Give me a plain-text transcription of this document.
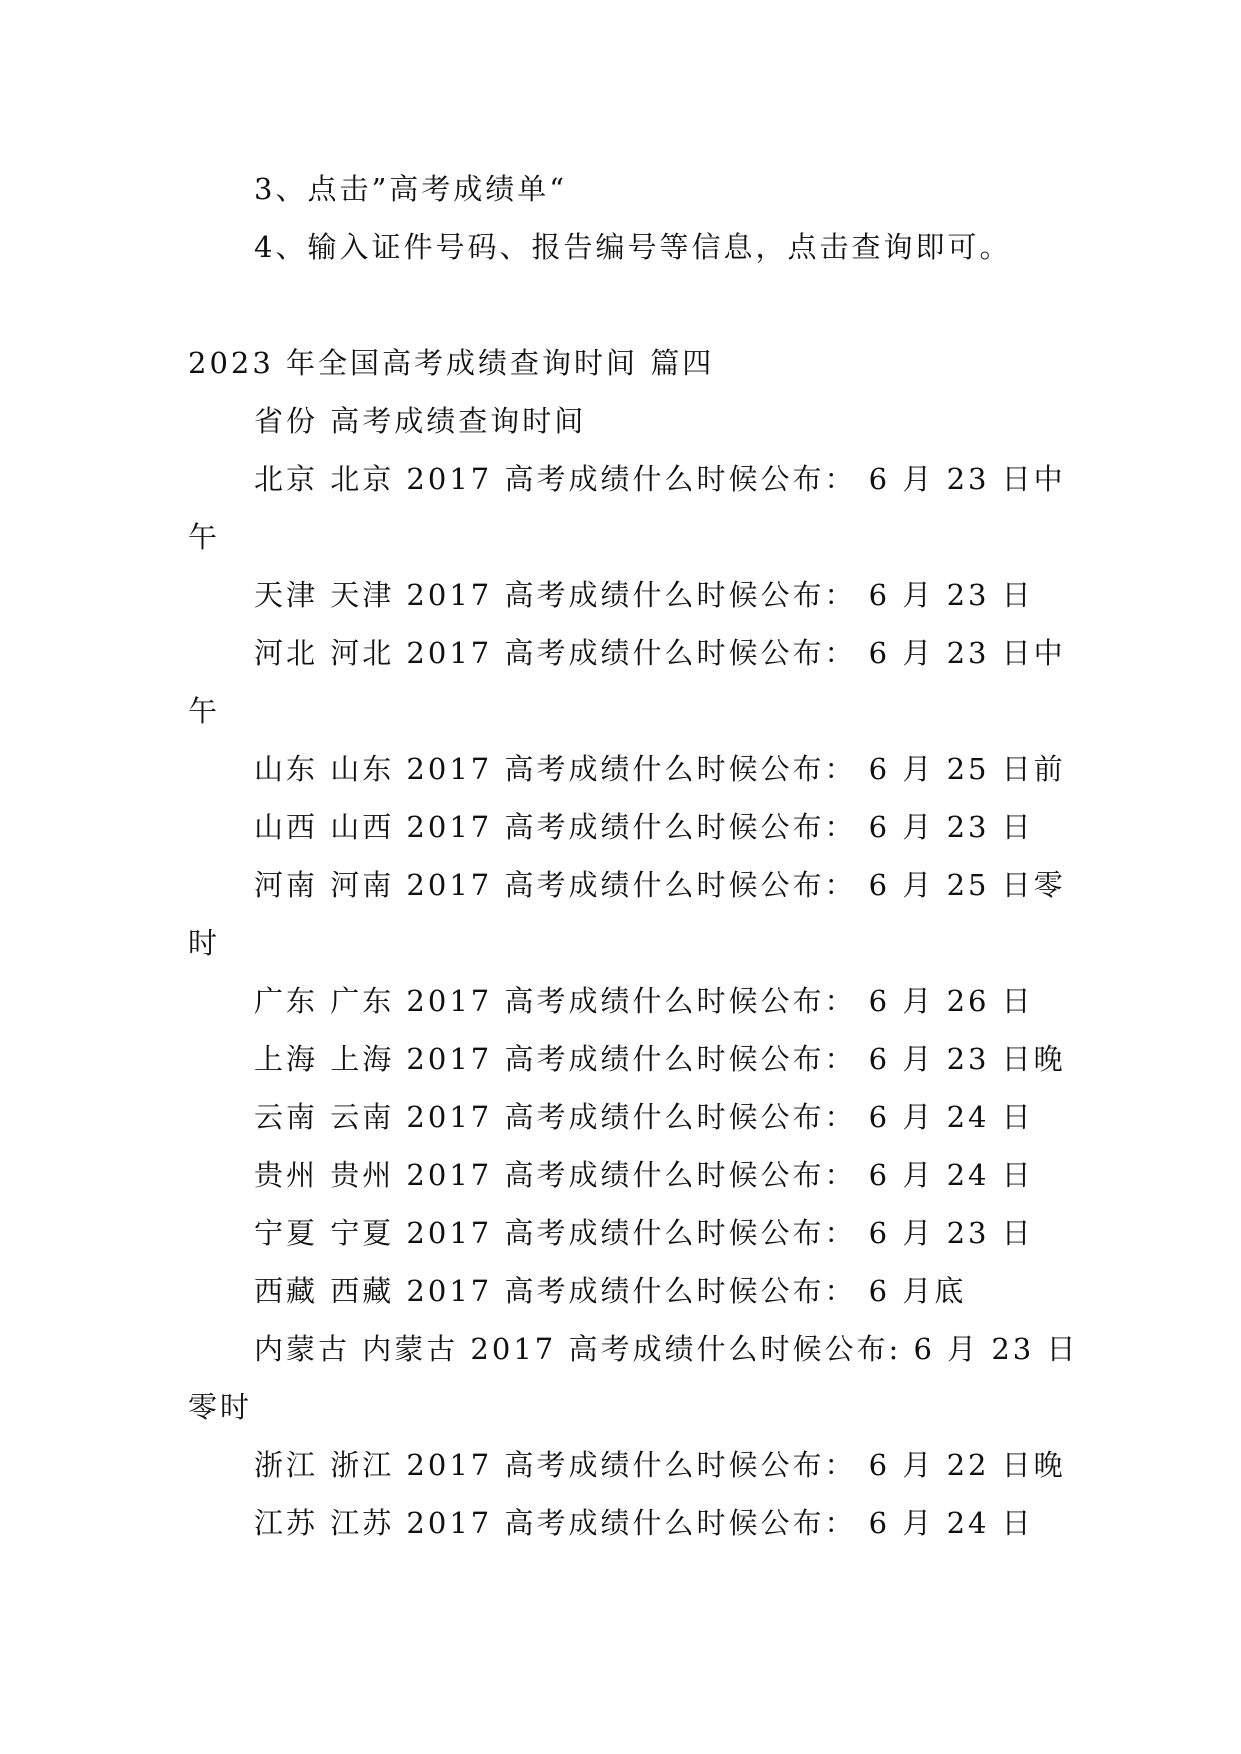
3、点击”高考成绩单“
4、输入证件号码、报告编号等信息，点击查询即可。
2023 年全国高考成绩查询时间 篇四
省份 高考成绩查询时间
北京 北京 2017 高考成绩什么时候公布： 6 月 23 日中
午
天津 天津 2017 高考成绩什么时候公布： 6 月 23 日
河北 河北 2017 高考成绩什么时候公布： 6 月 23 日中
午
山东 山东 2017 高考成绩什么时候公布： 6 月 25 日前
山西 山西 2017 高考成绩什么时候公布： 6 月 23 日
河南 河南 2017 高考成绩什么时候公布： 6 月 25 日零
时
广东 广东 2017 高考成绩什么时候公布： 6 月 26 日
上海 上海 2017 高考成绩什么时候公布： 6 月 23 日晚
云南 云南 2017 高考成绩什么时候公布： 6 月 24 日
贵州 贵州 2017 高考成绩什么时候公布： 6 月 24 日
宁夏 宁夏 2017 高考成绩什么时候公布： 6 月 23 日
西藏 西藏 2017 高考成绩什么时候公布： 6 月底
内蒙古 内蒙古 2017 高考成绩什么时候公布: 6 月 23 日
零时
浙江 浙江 2017 高考成绩什么时候公布： 6 月 22 日晚
江苏 江苏 2017 高考成绩什么时候公布： 6 月 24 日
